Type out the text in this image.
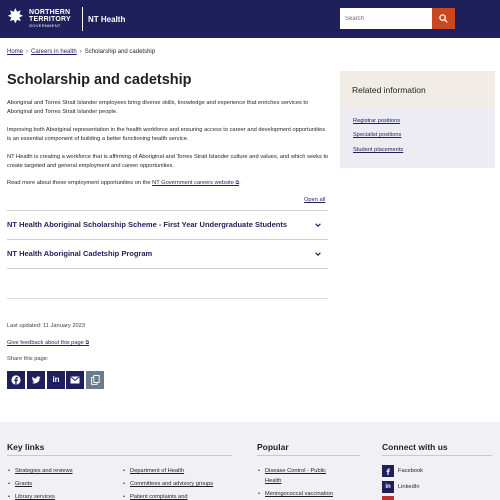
✸ NORTHERN
TERRITORY
GOVERNMENT
NT Health
Search
Home › Careers in health › Scholarship and cadetship
Scholarship and cadetship

Aboriginal and Torres Strait Islander employees bring diverse skills, knowledge and experience that enriches services to Aboriginal and Torres Strait Islander people.

Improving both Aboriginal representation in the health workforce and ensuring access to career and development opportunities is an essential component of building a better functioning health service.

NT Health is creating a workforce that is affirming of Aboriginal and Torres Strait Islander culture and values, and which seeks to create targeted and general employment and career opportunities.

Read more about these employment opportunities on the NT Government careers website ⧉.

Open all
NT Health Aboriginal Scholarship Scheme - First Year Undergraduate Students
NT Health Aboriginal Cadetship Program
Last updated: 11 January 2023
Give feedback about this page ⧉
Share this page:
in
Related information
Registrar positions
Specialist positions
Student placements
Key links
• Strategies and reviews
• Grants
• Library services
• Department of Health
• Committees and advisory groups
• Patient complaints and
Popular
• Disease Control - Public
Health
• Meningococcal vaccination
Connect with us
Facebook
in LinkedIn
